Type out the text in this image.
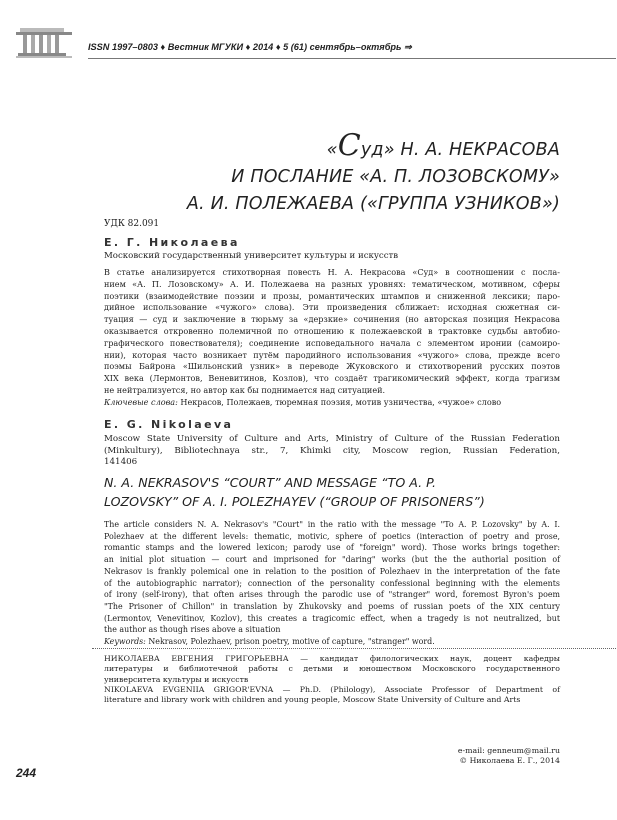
ISSN 1997–0803 ♦ Вестник МГУКИ ♦ 2014 ♦ 5 (61) сентябрь–октябрь ⇒
«Суд» Н. А. НЕКРАСОВА
И ПОСЛАНИЕ «А. П. ЛОЗОВСКОМУ»
А. И. ПОЛЕЖАЕВА («ГРУППА УЗНИКОВ»)
УДК 82.091
Е. Г. Николаева
Московский государственный университет культуры и искусств
В статье анализируется стихотворная повесть Н. А. Некрасова «Суд» в соотношении с посла-
нием «А. П. Лозовскому» А. И. Полежаева на разных уровнях: тематическом, мотивном, сферы
поэтики (взаимодействие поэзии и прозы, романтических штампов и сниженной лексики; паро-
дийное использование «чужого» слова). Эти произведения сближает: исходная сюжетная си-
туация — суд и заключение в тюрьму за «дерзкие» сочинения (но авторская позиция Некрасова
оказывается откровенно полемичной по отношению к полежаевской в трактовке судьбы автобио-
графического повествователя); соединение исповедального начала с элементом иронии (самоиро-
нии), которая часто возникает путём пародийного использования «чужого» слова, прежде всего
поэмы Байрона «Шильонский узник» в переводе Жуковского и стихотворений русских поэтов
XIX века (Лермонтов, Веневитинов, Козлов), что создаёт трагикомический эффект, когда трагизм
не нейтрализуется, но автор как бы поднимается над ситуацией.
Ключевые слова: Некрасов, Полежаев, тюремная поэзия, мотив узничества, «чужое» слово
E. G. Nikolaeva
Moscow State University of Culture and Arts, Ministry of Culture of the Russian Federation
(Minkultury), Bibliotechnaya str., 7, Khimki city, Moscow region, Russian Federation,
141406
N. A. NEKRASOV'S “COURT” AND MESSAGE “TO A. P.
LOZOVSKY” OF A. I. POLEZHAYEV (“GROUP OF PRISONERS”)
The article considers N. A. Nekrasov's "Court" in the ratio with the message "To A. P. Lozovsky" by A. I.
Polezhaev at the different levels: thematic, motivic, sphere of poetics (interaction of poetry and prose,
romantic stamps and the lowered lexicon; parody use of "foreign" word). Those works brings together:
an initial plot situation — court and imprisoned for "daring" works (but the the authorial position of
Nekrasov is frankly polemical one in relation to the position of Polezhaev in the interpretation of the fate
of the autobiographic narrator); connection of the personality confessional beginning with the elements
of irony (self-irony), that often arises through the parodic use of "stranger" word, foremost Byron's poem
"The Prisoner of Chillon" in translation by Zhukovsky and poems of russian poets of the XIX century
(Lermontov, Venevitinov, Kozlov), this creates a tragicomic effect, when a tragedy is not neutralized, but
the author as though rises above a situation
Keywords: Nekrasov, Polezhaev, prison poetry, motive of capture, "stranger" word.
НИКОЛАЕВА ЕВГЕНИЯ ГРИГОРЬЕВНА — кандидат филологических наук, доцент кафедры
литературы и библиотечной работы с детьми и юношеством Московского государственного
университета культуры и искусств
NIKOLAEVA EVGENIIA GRIGOR'EVNA — Ph.D. (Philology), Associate Professor of Department of
literature and library work with children and young people, Moscow State University of Culture and Arts
e-mail: genneum@mail.ru
© Николаева Е. Г., 2014
244
